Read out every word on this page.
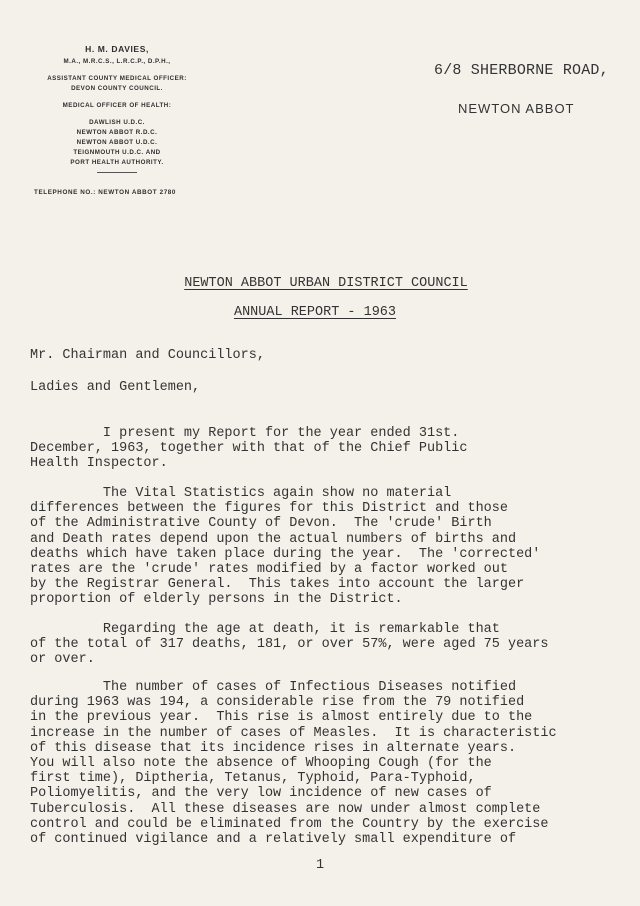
H. M. DAVIES,
M.A., M.R.C.S., L.R.C.P., D.P.H.,
ASSISTANT COUNTY MEDICAL OFFICER:
DEVON COUNTY COUNCIL.
MEDICAL OFFICER OF HEALTH:
DAWLISH U.D.C.
NEWTON ABBOT R.D.C.
NEWTON ABBOT U.D.C.
TEIGNMOUTH U.D.C. AND
PORT HEALTH AUTHORITY.
TELEPHONE NO.: NEWTON ABBOT 2780
6/8 SHERBORNE ROAD,
NEWTON ABBOT
NEWTON ABBOT URBAN DISTRICT COUNCIL
ANNUAL REPORT - 1963
Mr. Chairman and Councillors,
Ladies and Gentlemen,
I present my Report for the year ended 31st.
December, 1963, together with that of the Chief Public
Health Inspector.
The Vital Statistics again show no material
differences between the figures for this District and those
of the Administrative County of Devon.  The 'crude' Birth
and Death rates depend upon the actual numbers of births and
deaths which have taken place during the year.  The 'corrected'
rates are the 'crude' rates modified by a factor worked out
by the Registrar General.  This takes into account the larger
proportion of elderly persons in the District.
Regarding the age at death, it is remarkable that
of the total of 317 deaths, 181, or over 57%, were aged 75 years
or over.
The number of cases of Infectious Diseases notified
during 1963 was 194, a considerable rise from the 79 notified
in the previous year.  This rise is almost entirely due to the
increase in the number of cases of Measles.  It is characteristic
of this disease that its incidence rises in alternate years.
You will also note the absence of Whooping Cough (for the
first time), Diptheria, Tetanus, Typhoid, Para-Typhoid,
Poliomyelitis, and the very low incidence of new cases of
Tuberculosis.  All these diseases are now under almost complete
control and could be eliminated from the Country by the exercise
of continued vigilance and a relatively small expenditure of
1
